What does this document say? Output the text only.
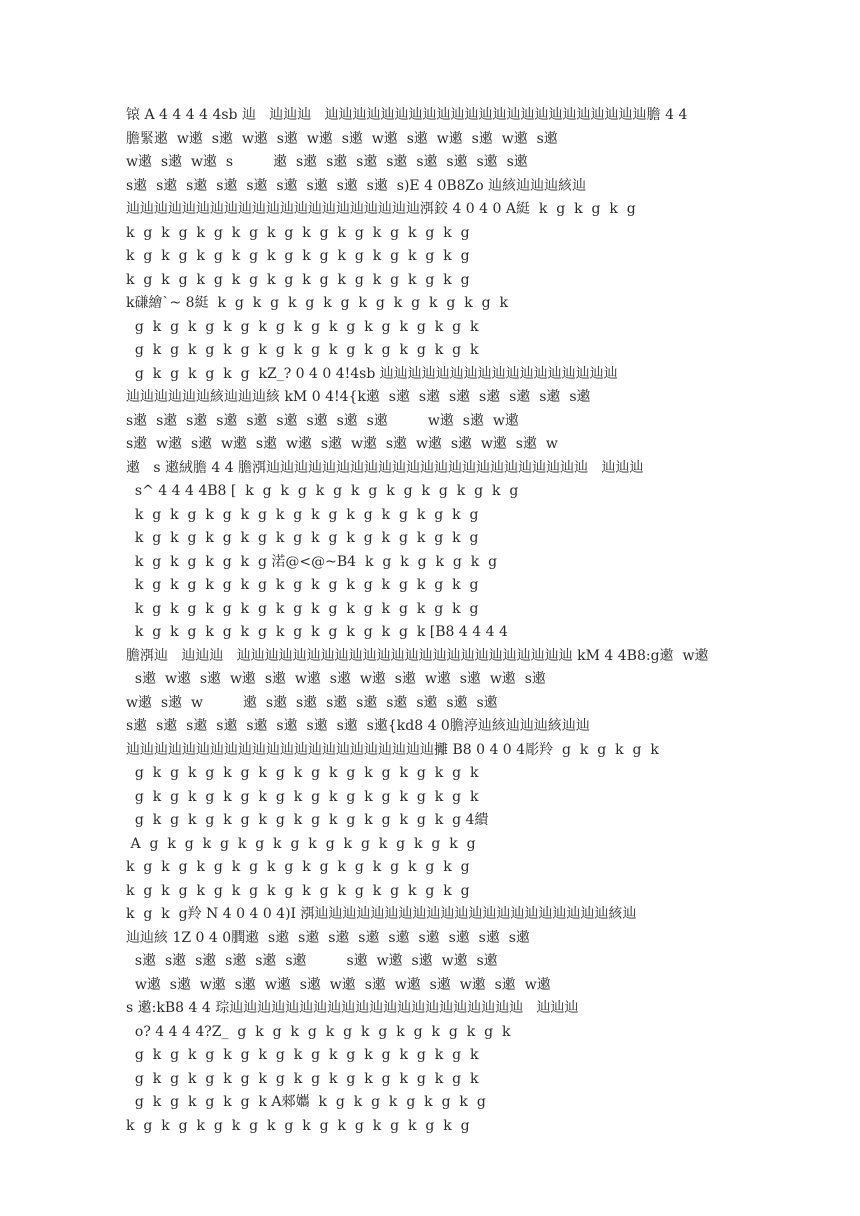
锿 A 4 4 4 4 4sb 辿   辿辿辿   辿辿辿辿辿辿辿辿辿辿辿辿辿辿辿辿辿辿辿辿辿辿辿膽 4 4
膽緊遫  w遫  s遫  w遫  s遫  w遫  s遫  w遫  s遫  w遫  s遫  w遫  s遫
w遫  s遫  w遫  s         遫  s遫  s遫  s遫  s遫  s遫  s遫  s遫  s遫
s遫  s遫  s遫  s遫  s遫  s遫  s遫  s遫  s遫  s)E 4 0B8Zo 辿絯辿辿辿絯辿
辿辿辿辿辿辿辿辿辿辿辿辿辿辿辿辿辿辿辿辿辿渳鉸 4 0 4 0 A綎  k  g  k  g  k  g
k  g  k  g  k  g  k  g  k  g  k  g  k  g  k  g  k  g  k  g
k  g  k  g  k  g  k  g  k  g  k  g  k  g  k  g  k  g  k  g
k  g  k  g  k  g  k  g  k  g  k  g  k  g  k  g  k  g  k  g
k磏繪`~ 8綎  k  g  k  g  k  g  k  g  k  g  k  g  k  g  k  g  k
g  k  g  k  g  k  g  k  g  k  g  k  g  k  g  k  g  k  g  k
g  k  g  k  g  k  g  k  g  k  g  k  g  k  g  k  g  k  g  k
g  k  g  k  g  k  g  kZ_? 0 4 0 4!4sb 辿辿辿辿辿辿辿辿辿辿辿辿辿辿辿辿辿
辿辿辿辿辿辿絯辿辿辿絯 kM 0 4!4{k遫  s遫  s遫  s遫  s遫  s遫  s遫  s遫
s遫  s遫  s遫  s遫  s遫  s遫  s遫  s遫  s遫         w遫  s遫  w遫
s遫  w遫  s遫  w遫  s遫  w遫  s遫  w遫  s遫  w遫  s遫  w遫  s遫  w
遫   s 遫絨膽 4 4 膽渳辿辿辿辿辿辿辿辿辿辿辿辿辿辿辿辿辿辿辿辿辿辿辿   辿辿辿
s^ 4 4 4 4B8 [  k  g  k  g  k  g  k  g  k  g  k  g  k  g  k  g
k  g  k  g  k  g  k  g  k  g  k  g  k  g  k  g  k  g  k  g
k  g  k  g  k  g  k  g  k  g  k  g  k  g  k  g  k  g  k  g
k  g  k  g  k  g  k  g 渃@<@~B4  k  g  k  g  k  g  k  g
k  g  k  g  k  g  k  g  k  g  k  g  k  g  k  g  k  g  k  g
k  g  k  g  k  g  k  g  k  g  k  g  k  g  k  g  k  g  k  g
k  g  k  g  k  g  k  g  k  g  k  g  k  g  k  g  k [B8 4 4 4 4
膽渳辿   辿辿辿   辿辿辿辿辿辿辿辿辿辿辿辿辿辿辿辿辿辿辿辿辿辿辿辿 kM 4 4B8:g遫  w遫
s遫  w遫  s遫  w遫  s遫  w遫  s遫  w遫  s遫  w遫  s遫  w遫  s遫
w遫  s遫  w         遫  s遫  s遫  s遫  s遫  s遫  s遫  s遫  s遫
s遫  s遫  s遫  s遫  s遫  s遫  s遫  s遫  s遫{kd8 4 0膽渟辿絯辿辿辿絯辿辿
辿辿辿辿辿辿辿辿辿辿辿辿辿辿辿辿辿辿辿辿辿辿攡 B8 0 4 0 4彫羚  g  k  g  k  g  k
g  k  g  k  g  k  g  k  g  k  g  k  g  k  g  k  g  k  g  k
g  k  g  k  g  k  g  k  g  k  g  k  g  k  g  k  g  k  g  k
g  k  g  k  g  k  g  k  g  k  g  k  g  k  g  k  g  k  g 4繢
A  g  k  g  k  g  k  g  k  g  k  g  k  g  k  g  k  g  k  g
k  g  k  g  k  g  k  g  k  g  k  g  k  g  k  g  k  g  k  g
k  g  k  g  k  g  k  g  k  g  k  g  k  g  k  g  k  g  k  g
k  g  k  g羚 N 4 0 4 0 4)I 渳辿辿辿辿辿辿辿辿辿辿辿辿辿辿辿辿辿辿辿辿辿絯辿
辿辿絯 1Z 0 4 0膶遫  s遫  s遫  s遫  s遫  s遫  s遫  s遫  s遫  s遫
s遫  s遫  s遫  s遫  s遫  s遫         s遫  w遫  s遫  w遫  s遫
w遫  s遫  w遫  s遫  w遫  s遫  w遫  s遫  w遫  s遫  w遫  s遫  w遫
s 遫:kB8 4 4 琮辿辿辿辿辿辿辿辿辿辿辿辿辿辿辿辿辿辿辿辿辿   辿辿辿
o? 4 4 4 4?Z_  g  k  g  k  g  k  g  k  g  k  g  k  g  k  g  k
g  k  g  k  g  k  g  k  g  k  g  k  g  k  g  k  g  k  g  k
g  k  g  k  g  k  g  k  g  k  g  k  g  k  g  k  g  k  g  k
g  k  g  k  g  k  g  k A郲孈  k  g  k  g  k  g  k  g  k  g
k  g  k  g  k  g  k  g  k  g  k  g  k  g  k  g  k  g  k  g
